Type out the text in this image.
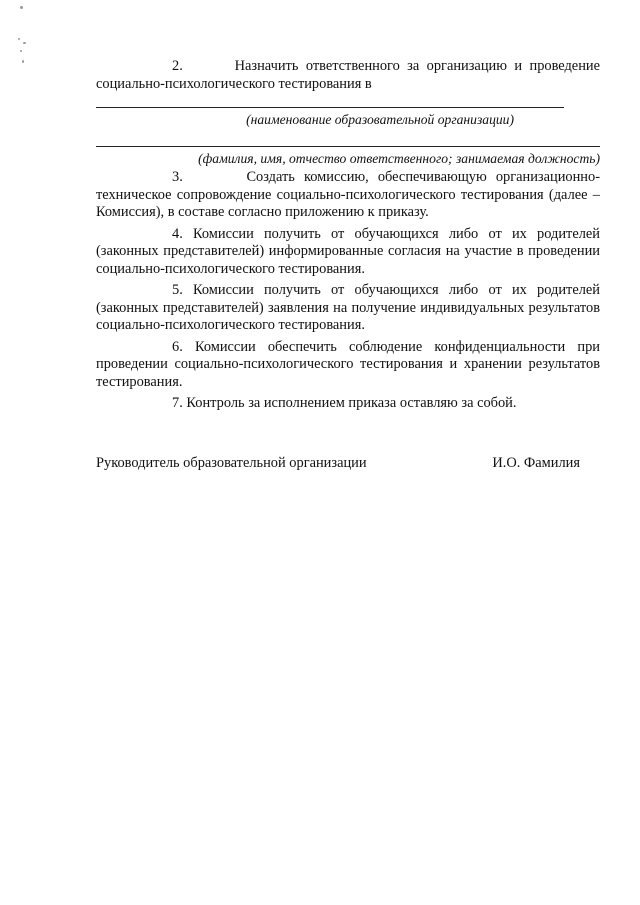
2.	Назначить ответственного за организацию и проведение социально-психологического тестирования в

(наименование образовательной организации)

(фамилия, имя, отчество ответственного; занимаемая должность)

3.	Создать комиссию, обеспечивающую организационно-техническое сопровождение социально-психологического тестирования (далее – Комиссия), в составе согласно приложению к приказу.

4. Комиссии получить от обучающихся либо от их родителей (законных представителей) информированные согласия на участие в проведении социально-психологического тестирования.

5. Комиссии получить от обучающихся либо от их родителей (законных представителей) заявления на получение индивидуальных результатов социально-психологического тестирования.

6. Комиссии обеспечить соблюдение конфиденциальности при проведении социально-психологического тестирования и хранении результатов тестирования.

7. Контроль за исполнением приказа оставляю за собой.

Руководитель образовательной организации	И.О. Фамилия
